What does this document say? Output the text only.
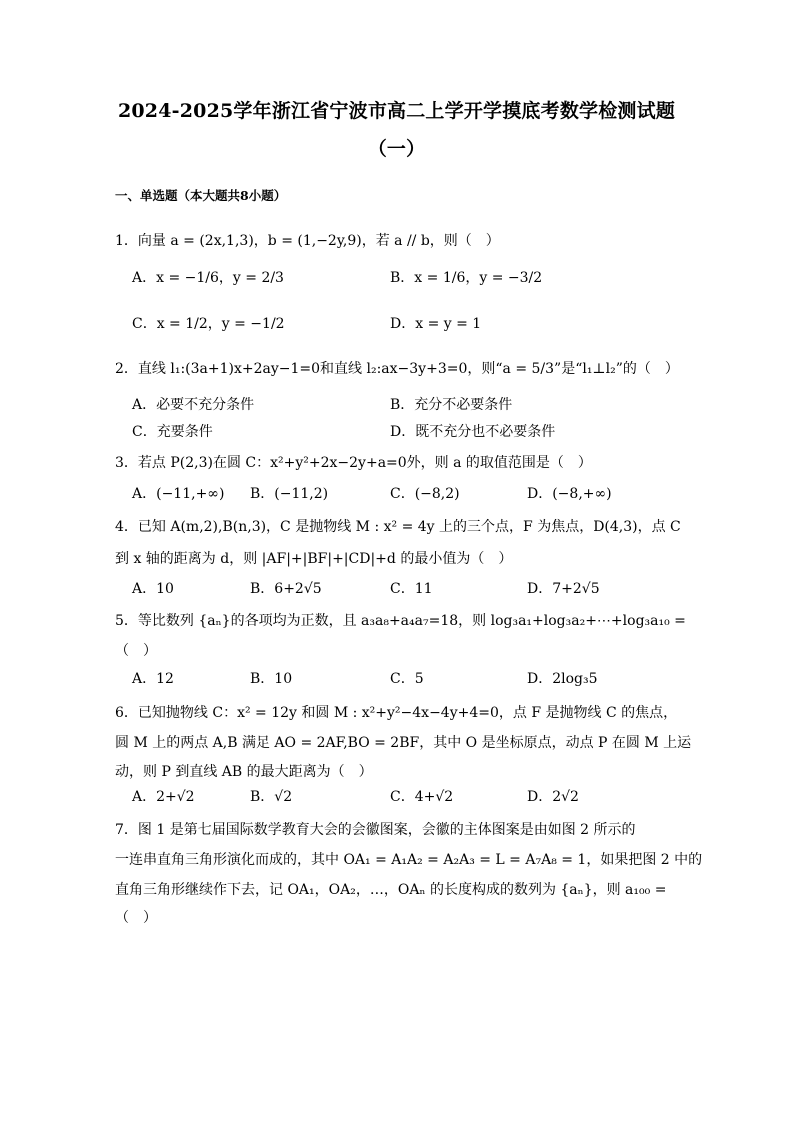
2024-2025学年浙江省宁波市高二上学开学摸底考数学检测试题
（一）
一、单选题（本大题共8小题）
1．向量 a = (2x,1,3)，b = (1,−2y,9)，若 a // b，则（　）
A．x = −1/6，y = 2/3	B．x = 1/6，y = −3/2
C．x = 1/2，y = −1/2	D．x = y = 1
2．直线 l₁:(3a+1)x+2ay−1=0和直线 l₂:ax−3y+3=0，则“a = 5/3”是“l₁⊥l₂”的（　）
A．必要不充分条件	B．充分不必要条件
C．充要条件	D．既不充分也不必要条件
3．若点 P(2,3)在圆 C：x²+y²+2x−2y+a=0外，则 a 的取值范围是（　）
A．(−11,+∞) B．(−11,2)	C．(−8,2)	D．(−8,+∞)
4．已知 A(m,2),B(n,3)，C 是抛物线 M : x² = 4y 上的三个点，F 为焦点，D(4,3)，点 C
到 x 轴的距离为 d，则 |AF|+|BF|+|CD|+d 的最小值为（　）
A．10	B．6+2√5	C．11	D．7+2√5
5．等比数列 {aₙ}的各项均为正数，且 a₃a₈+a₄a₇=18，则 log₃a₁+log₃a₂+⋯+log₃a₁₀ =
（　）
A．12	B．10	C．5	D．2log₃5
6．已知抛物线 C：x² = 12y 和圆 M : x²+y²−4x−4y+4=0，点 F 是抛物线 C 的焦点，
圆 M 上的两点 A,B 满足 AO = 2AF,BO = 2BF，其中 O 是坐标原点，动点 P 在圆 M 上运
动，则 P 到直线 AB 的最大距离为（　）
A．2+√2	B．√2	C．4+√2	D．2√2
7．图 1 是第七届国际数学教育大会的会徽图案，会徽的主体图案是由如图 2 所示的
一连串直角三角形演化而成的，其中 OA₁ = A₁A₂ = A₂A₃ = L = A₇A₈ = 1，如果把图 2 中的
直角三角形继续作下去，记 OA₁，OA₂，…，OAₙ 的长度构成的数列为 {aₙ}，则 a₁₀₀ =
（　）
